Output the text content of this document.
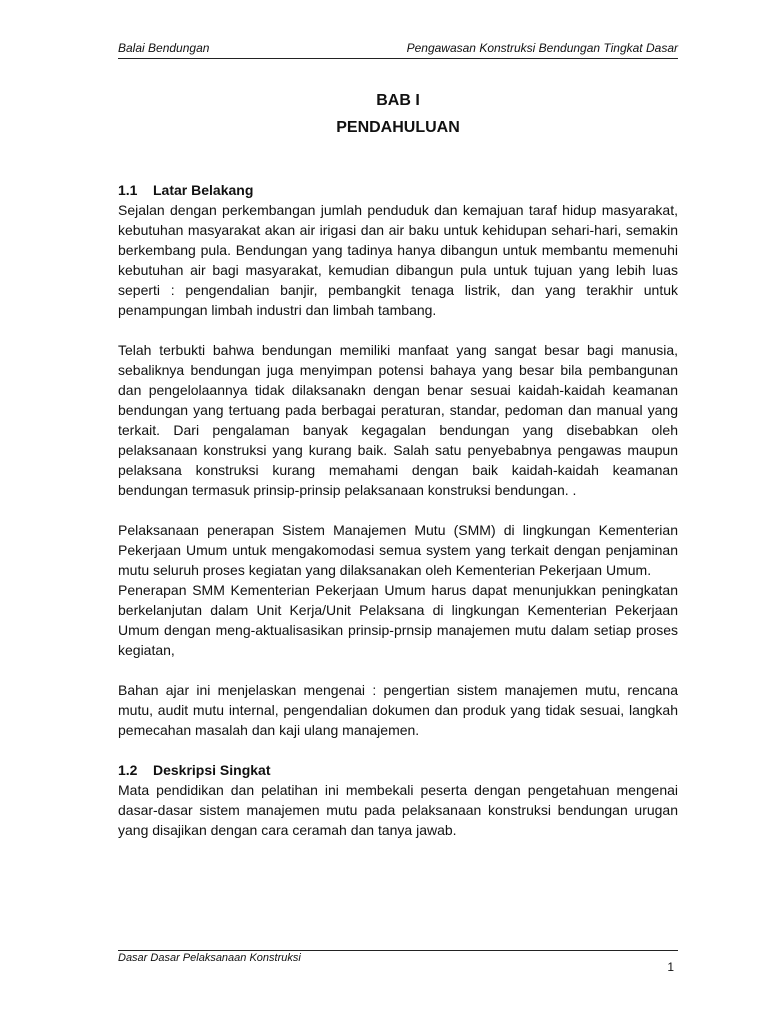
Balai Bendungan	Pengawasan Konstruksi Bendungan Tingkat Dasar
BAB I
PENDAHULUAN
1.1 Latar Belakang

Sejalan dengan perkembangan jumlah penduduk dan kemajuan taraf hidup masyarakat, kebutuhan masyarakat akan air irigasi dan air baku untuk kehidupan sehari-hari, semakin berkembang pula. Bendungan yang tadinya hanya dibangun untuk membantu memenuhi kebutuhan air bagi masyarakat, kemudian dibangun pula untuk tujuan yang lebih luas seperti : pengendalian banjir, pembangkit tenaga listrik, dan yang terakhir untuk penampungan limbah industri dan limbah tambang.

Telah terbukti bahwa bendungan memiliki manfaat yang sangat besar bagi manusia, sebaliknya bendungan juga menyimpan potensi bahaya yang besar bila pembangunan dan pengelolaannya tidak dilaksanakn dengan benar sesuai kaidah-kaidah keamanan bendungan yang tertuang pada berbagai peraturan, standar, pedoman dan manual yang terkait. Dari pengalaman banyak kegagalan bendungan yang disebabkan oleh pelaksanaan konstruksi yang kurang baik. Salah satu penyebabnya pengawas maupun pelaksana konstruksi kurang memahami dengan baik kaidah-kaidah keamanan bendungan termasuk prinsip-prinsip pelaksanaan konstruksi bendungan. .

Pelaksanaan penerapan Sistem Manajemen Mutu (SMM) di lingkungan Kementerian Pekerjaan Umum untuk mengakomodasi semua system yang terkait dengan penjaminan mutu seluruh proses kegiatan yang dilaksanakan oleh Kementerian Pekerjaan Umum.

Penerapan SMM Kementerian Pekerjaan Umum harus dapat menunjukkan peningkatan berkelanjutan dalam Unit Kerja/Unit Pelaksana di lingkungan Kementerian Pekerjaan Umum dengan meng-aktualisasikan prinsip-prnsip manajemen mutu dalam setiap proses kegiatan,

Bahan ajar ini menjelaskan mengenai : pengertian sistem manajemen mutu, rencana mutu, audit mutu internal, pengendalian dokumen dan produk yang tidak sesuai, langkah pemecahan masalah dan kaji ulang manajemen.

1.2 Deskripsi Singkat

Mata pendidikan dan pelatihan ini membekali peserta dengan pengetahuan mengenai dasar-dasar sistem manajemen mutu pada pelaksanaan konstruksi bendungan urugan yang disajikan dengan cara ceramah dan tanya jawab.

Dasar Dasar Pelaksanaan Konstruksi
1
